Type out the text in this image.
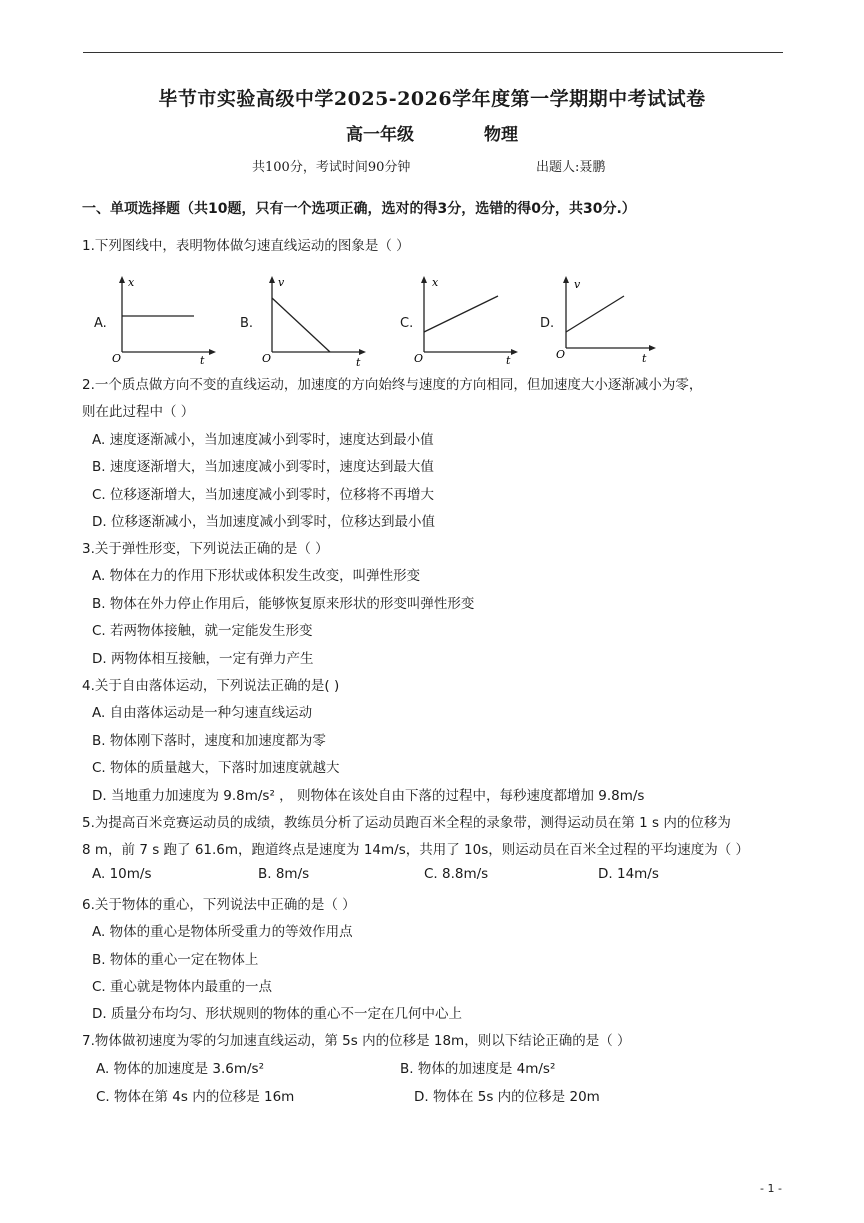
毕节市实验高级中学2025-2026学年度第一学期期中考试试卷
高一年级	物理
共100分，考试时间90分钟	出题人:聂鹏
一、单项选择题（共10题，只有一个选项正确，选对的得3分，选错的得0分，共30分.）
1.下列图线中，表明物体做匀速直线运动的图象是（ ）
A.
x
O	t
B.
v
O	t
C.
x
O	t
D.
v
O	t
2.一个质点做方向不变的直线运动，加速度的方向始终与速度的方向相同，但加速度大小逐渐减小为零，
则在此过程中（ ）
A. 速度逐渐减小，当加速度减小到零时，速度达到最小值
B. 速度逐渐增大，当加速度减小到零时，速度达到最大值
C. 位移逐渐增大，当加速度减小到零时，位移将不再增大
D. 位移逐渐减小，当加速度减小到零时，位移达到最小值
3.关于弹性形变，下列说法正确的是（ ）
A. 物体在力的作用下形状或体积发生改变，叫弹性形变
B. 物体在外力停止作用后，能够恢复原来形状的形变叫弹性形变
C. 若两物体接触，就一定能发生形变
D. 两物体相互接触，一定有弹力产生
4.关于自由落体运动，下列说法正确的是( )
A. 自由落体运动是一种匀速直线运动
B. 物体刚下落时，速度和加速度都为零
C. 物体的质量越大，下落时加速度就越大
D. 当地重力加速度为 9.8m/s² ， 则物体在该处自由下落的过程中，每秒速度都增加 9.8m/s
5.为提高百米竞赛运动员的成绩，教练员分析了运动员跑百米全程的录象带，测得运动员在第 1 s 内的位移为
8 m，前 7 s 跑了 61.6m，跑道终点是速度为 14m/s，共用了 10s，则运动员在百米全过程的平均速度为（ ）
A. 10m/s	B. 8m/s	C. 8.8m/s	D. 14m/s
6.关于物体的重心，下列说法中正确的是（ ）
A. 物体的重心是物体所受重力的等效作用点
B. 物体的重心一定在物体上
C. 重心就是物体内最重的一点
D. 质量分布均匀、形状规则的物体的重心不一定在几何中心上
7.物体做初速度为零的匀加速直线运动，第 5s 内的位移是 18m，则以下结论正确的是（ ）
A. 物体的加速度是 3.6m/s²	B. 物体的加速度是 4m/s²
C. 物体在第 4s 内的位移是 16m	D. 物体在 5s 内的位移是 20m
- 1 -
